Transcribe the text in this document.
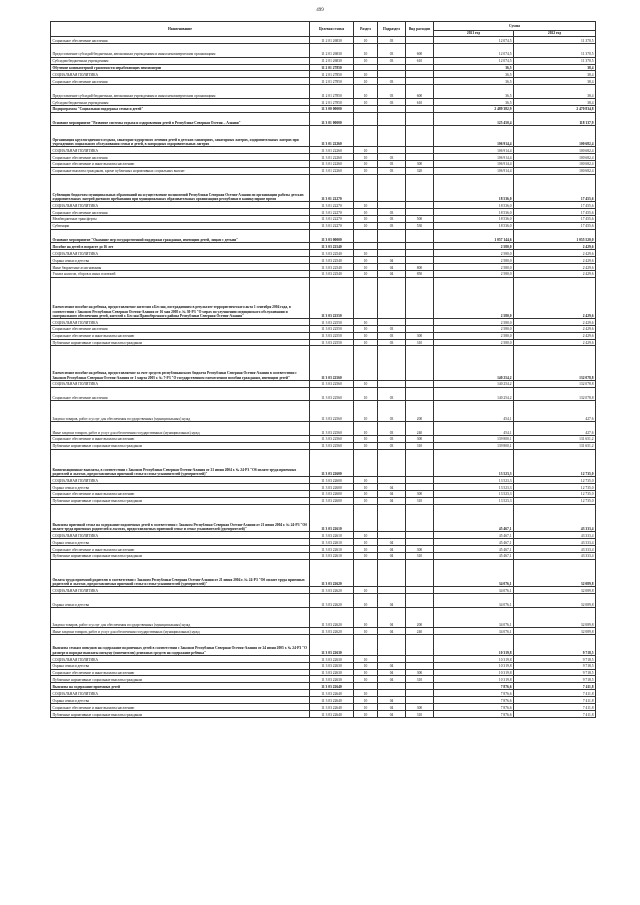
499
Наименование	Целевая статья	Раздел	Подраздел	Вид расходов	Сумма	
					2021 год	2022 год
Социальное обеспечение населения	11 2 01 26830	10	03		12 074,5	11 370,5
Предоставление субсидий бюджетным, автономным учреждениям и иным некоммерческим организациям	11 2 01 26830	10	03	600	12 074,5	11 370,5
Субсидии бюджетным учреждениям	11 2 01 26830	10	03	610	12 074,5	11 370,5
Обучение компьютерной грамотности неработающих пенсионеров	11 2 01 27850				36,5	38,4
СОЦИАЛЬНАЯ ПОЛИТИКА	11 2 01 27850	10			36,5	38,4
Социальное обеспечение населения	11 2 01 27850	10	03		36,5	38,4
Предоставление субсидий бюджетным, автономным учреждениям и иным некоммерческим организациям	11 2 01 27850	10	03	600	36,5	38,4
Субсидии бюджетным учреждениям	11 2 01 27850	10	03	610	36,5	38,4
Подпрограмма "Социальная поддержка семьи и детей"	11 3 00 00000				2 489 382,9	2 470 834,8
Основное мероприятие "Развитие системы отдыха и оздоровления детей в Республике Северная Осетия – Алания"	11 3 01 00000				125 450,4	118 137,9
Организация круглогодичного отдыха, санаторно-курортного лечения детей в детских санаториях, санаторных лагерях, оздоровительных лагерях при учреждениях социального обслуживания семьи и детей, в загородных оздоровительных лагерях	11 3 01 22260				106 914,4	100 682,4
СОЦИАЛЬНАЯ ПОЛИТИКА	11 3 01 22260	10			106 914,4	100 682,4
Социальное обеспечение населения	11 3 01 22260	10	03		106 914,4	100 682,4
Социальное обеспечение и иные выплаты населению	11 3 01 22260	10	03	300	106 914,4	100 682,4
Социальные выплаты гражданам, кроме публичных нормативных социальных выплат	11 3 01 22260	10	03	320	106 914,4	100 682,4
Субвенции бюджетам муниципальных образований на осуществление полномочий Республики Северная Осетия-Алания по организации работы детских оздоровительных лагерей дневного пребывания при муниципальных образовательных организациях республики в каникулярное время	11 3 01 22270				18 536,0	17 455,6
СОЦИАЛЬНАЯ ПОЛИТИКА	11 3 01 22270	10			18 536,0	17 455,6
Социальное обеспечение населения	11 3 01 22270	10	03		18 536,0	17 455,6
Межбюджетные трансферты	11 3 01 22270	10	03	500	18 536,0	17 455,6
Субвенции	11 3 01 22270	10	03	530	18 536,0	17 455,6
Основное мероприятие "Оказание мер государственной поддержки гражданам, имеющим детей, лицам с детьми"	11 3 03 00000				1 057 144,6	1 055 520,0
Пособие на детей в возрасте до 16 лет	11 3 03 22540				2 580,0	2 429,6
СОЦИАЛЬНАЯ ПОЛИТИКА	11 3 03 22540	10			2 580,0	2 429,6
Охрана семьи и детства	11 3 03 22540	10	04		2 580,0	2 429,6
Иные бюджетные ассигнования	11 3 03 22540	10	04	800	2 580,0	2 429,6
Уплата налогов, сборов и иных платежей	11 3 03 22540	10	04	850	2 580,0	2 429,6
Ежемесячное пособие на ребенка, предоставляемое жителям г.Беслан, пострадавшим в результате террористического акта 1 сентября 2004 года, в соответствии с Законом Республики Северная Осетия-Алания от 16 мая 2005 г. № 30-РЗ "О мерах по улучшению медицинского обслуживания и материального обеспечения детей, жителей г. Беслан Правобережного района Республики Северная Осетия-Алания"	11 3 03 22550				2 580,0	2 429,6
СОЦИАЛЬНАЯ ПОЛИТИКА	11 3 03 22550	10			2 580,0	2 429,6
Социальное обеспечение населения	11 3 03 22550	10	03		2 580,0	2 429,6
Социальное обеспечение и иные выплаты населению	11 3 03 22550	10	03	300	2 580,0	2 429,6
Публичные нормативные социальные выплаты гражданам	11 3 03 22550	10	03	310	2 580,0	2 429,6
Ежемесячное пособие на ребенка, предоставляемое за счет средств республиканского бюджета Республики Северная Осетия-Алания в соответствии с Законом Республики Северная Осетия-Алания от 1 марта 2005 г. № 7-РЗ "О государственном ежемесячном пособии гражданам, имеющим детей"	11 3 03 22560				140 254,2	132 078,8
СОЦИАЛЬНАЯ ПОЛИТИКА	11 3 03 22560	10			140 254,2	132 078,8
Социальное обеспечение населения	11 3 03 22560	10	03		140 254,2	132 078,8
Закупка товаров, работ и услуг для обеспечения государственных (муниципальных) нужд	11 3 03 22560	10	03	200	454,1	427,6
Иные закупки товаров, работ и услуг для обеспечения государственных (муниципальных) нужд	11 3 03 22560	10	03	240	454,1	427,6
Социальное обеспечение и иные выплаты населению	11 3 03 22560	10	03	300	139 800,1	131 651,2
Публичные нормативные социальные выплаты гражданам	11 3 03 22560	10	03	310	139 800,1	131 651,2
Компенсационные выплаты, в соответствии с Законом Республики Северная Осетия-Алания от 21 июня 2004 г. № 24-РЗ "Об оплате труда приемных родителей и льготах, предоставляемых приемной семье и семье усыновителей (удочерителей)"	11 3 03 22600				13 523,3	12 735,0
СОЦИАЛЬНАЯ ПОЛИТИКА	11 3 03 22600	10			13 523,3	12 735,0
Охрана семьи и детства	11 3 03 22600	10	04		13 523,3	12 735,0
Социальное обеспечение и иные выплаты населению	11 3 03 22600	10	04	300	13 523,3	12 735,0
Публичные нормативные социальные выплаты гражданам	11 3 03 22600	10	04	310	13 523,3	12 735,0
Выплаты приемной семье на содержание подопечных детей в соответствии с Законом Республики Северная Осетия-Алания от 21 июня 2004 г. № 24-РЗ "Об оплате труда приемных родителей и льготах, предоставляемых приемной семье и семье усыновителей (удочерителей)"	11 3 03 22610				45 467,1	43 333,4
СОЦИАЛЬНАЯ ПОЛИТИКА	11 3 03 22610	10			45 467,1	43 333,4
Охрана семьи и детства	11 3 03 22610	10	04		45 467,1	43 333,4
Социальное обеспечение и иные выплаты населению	11 3 03 22610	10	04	300	45 467,1	43 333,4
Публичные нормативные социальные выплаты гражданам	11 3 03 22610	10	04	310	45 467,1	43 333,4
Оплата труда приемной родителю в соответствии с Законом Республики Северная Осетия-Алания от 21 июня 2004 г. № 24-РЗ "Об оплате труда приемных родителей и льготах, предоставляемых приемной семье и семье усыновителей (удочерителей)"	11 3 03 22620				34 076,1	32 089,8
СОЦИАЛЬНАЯ ПОЛИТИКА	11 3 03 22620	10			34 076,1	32 089,8
Охрана семьи и детства	11 3 03 22620	10	04		34 076,1	32 089,8
Закупка товаров, работ и услуг для обеспечения государственных (муниципальных) нужд	11 3 03 22620	10	04	200	34 076,1	32 089,8
Иные закупки товаров, работ и услуг для обеспечения государственных (муниципальных) нужд	11 3 03 22620	10	04	240	34 076,1	32 089,8
Выплаты семьям опекунов на содержание подопечных детей в соответствии с Законом Республики Северная Осетия-Алания от 24 июня 2005 г. № 24-РЗ "О размере и порядке выплаты опекуну (попечителю) денежных средств на содержание ребенка"	11 3 03 22630				10 319,8	9 718,5
СОЦИАЛЬНАЯ ПОЛИТИКА	11 3 03 22630	10			10 319,8	9 718,5
Охрана семьи и детства	11 3 03 22630	10	04		10 319,8	9 718,5
Социальное обеспечение и иные выплаты населению	11 3 03 22630	10	04	300	10 319,8	9 718,5
Публичные нормативные социальные выплаты гражданам	11 3 03 22630	10	04	310	10 319,8	9 718,5
Выплаты на содержание приемных детей	11 3 03 22640				7 876,6	7 411,8
СОЦИАЛЬНАЯ ПОЛИТИКА	11 3 03 22640	10			7 876,6	7 411,8
Охрана семьи и детства	11 3 03 22640	10	04		7 876,6	7 411,8
Социальное обеспечение и иные выплаты населению	11 3 03 22640	10	04	300	7 876,6	7 411,8
Публичные нормативные социальные выплаты гражданам	11 3 03 22640	10	04	310	7 876,6	7 411,8
